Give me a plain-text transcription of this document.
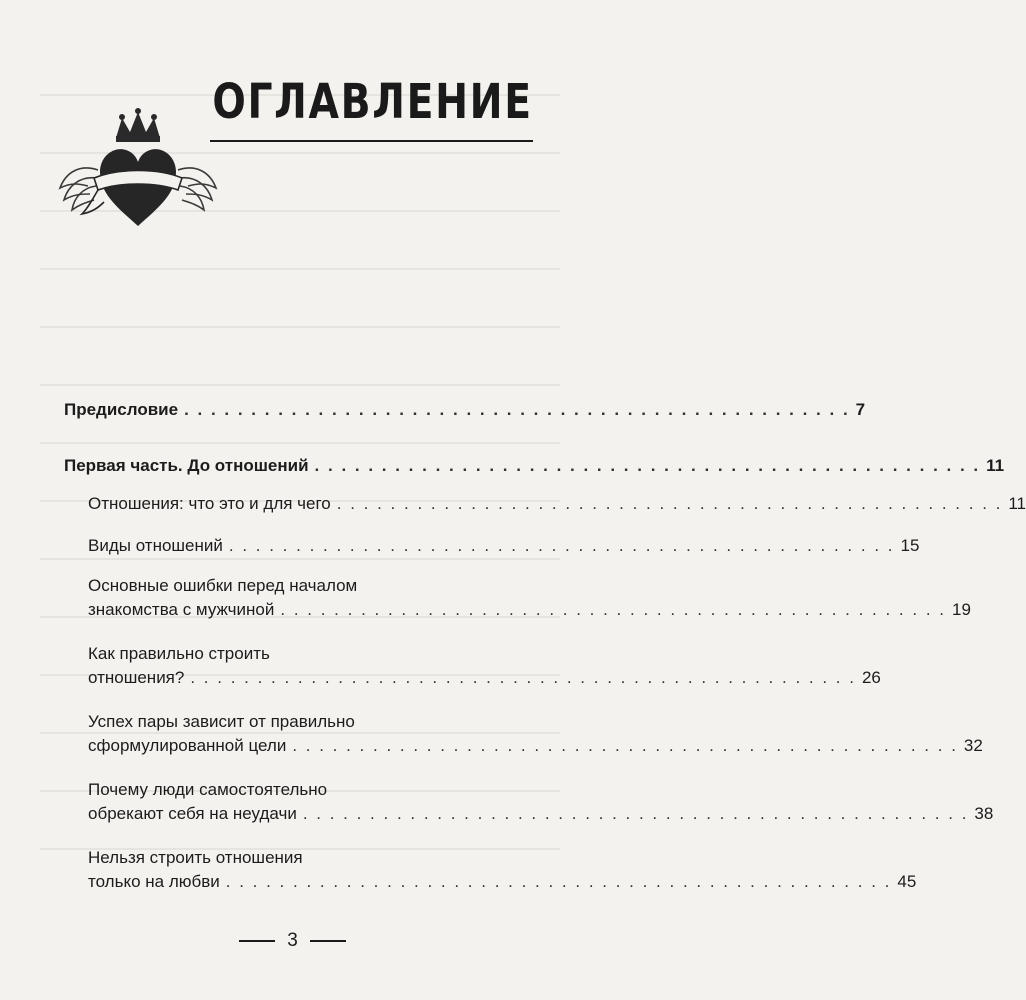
ОГЛАВЛЕНИЕ
Предисловие . . . . . . . . . . . . . . . . . . . . . . . . . . . . . . . . . . . . . . . . . . . . . . . . . . 7
Первая часть. До отношений . . . . . . . . . . . . . . . . . . . . . . . . . . . . . . . . . . . . . . . . . . . . . . . . . . 11
Отношения: что это и для чего . . . . . . . . . . . . . . . . . . . . . . . . . . . . . . . . . . . . . . . . . . . . . . . . . . 11
Виды отношений . . . . . . . . . . . . . . . . . . . . . . . . . . . . . . . . . . . . . . . . . . . . . . . . . . 15
Основные ошибки перед началом
знакомства с мужчиной . . . . . . . . . . . . . . . . . . . . . . . . . . . . . . . . . . . . . . . . . . . . . . . . . . 19
Как правильно строить
отношения? . . . . . . . . . . . . . . . . . . . . . . . . . . . . . . . . . . . . . . . . . . . . . . . . . . 26
Успех пары зависит от правильно
сформулированной цели . . . . . . . . . . . . . . . . . . . . . . . . . . . . . . . . . . . . . . . . . . . . . . . . . . 32
Почему люди самостоятельно
обрекают себя на неудачи . . . . . . . . . . . . . . . . . . . . . . . . . . . . . . . . . . . . . . . . . . . . . . . . . . 38
Нельзя строить отношения
только на любви . . . . . . . . . . . . . . . . . . . . . . . . . . . . . . . . . . . . . . . . . . . . . . . . . . 45
3
